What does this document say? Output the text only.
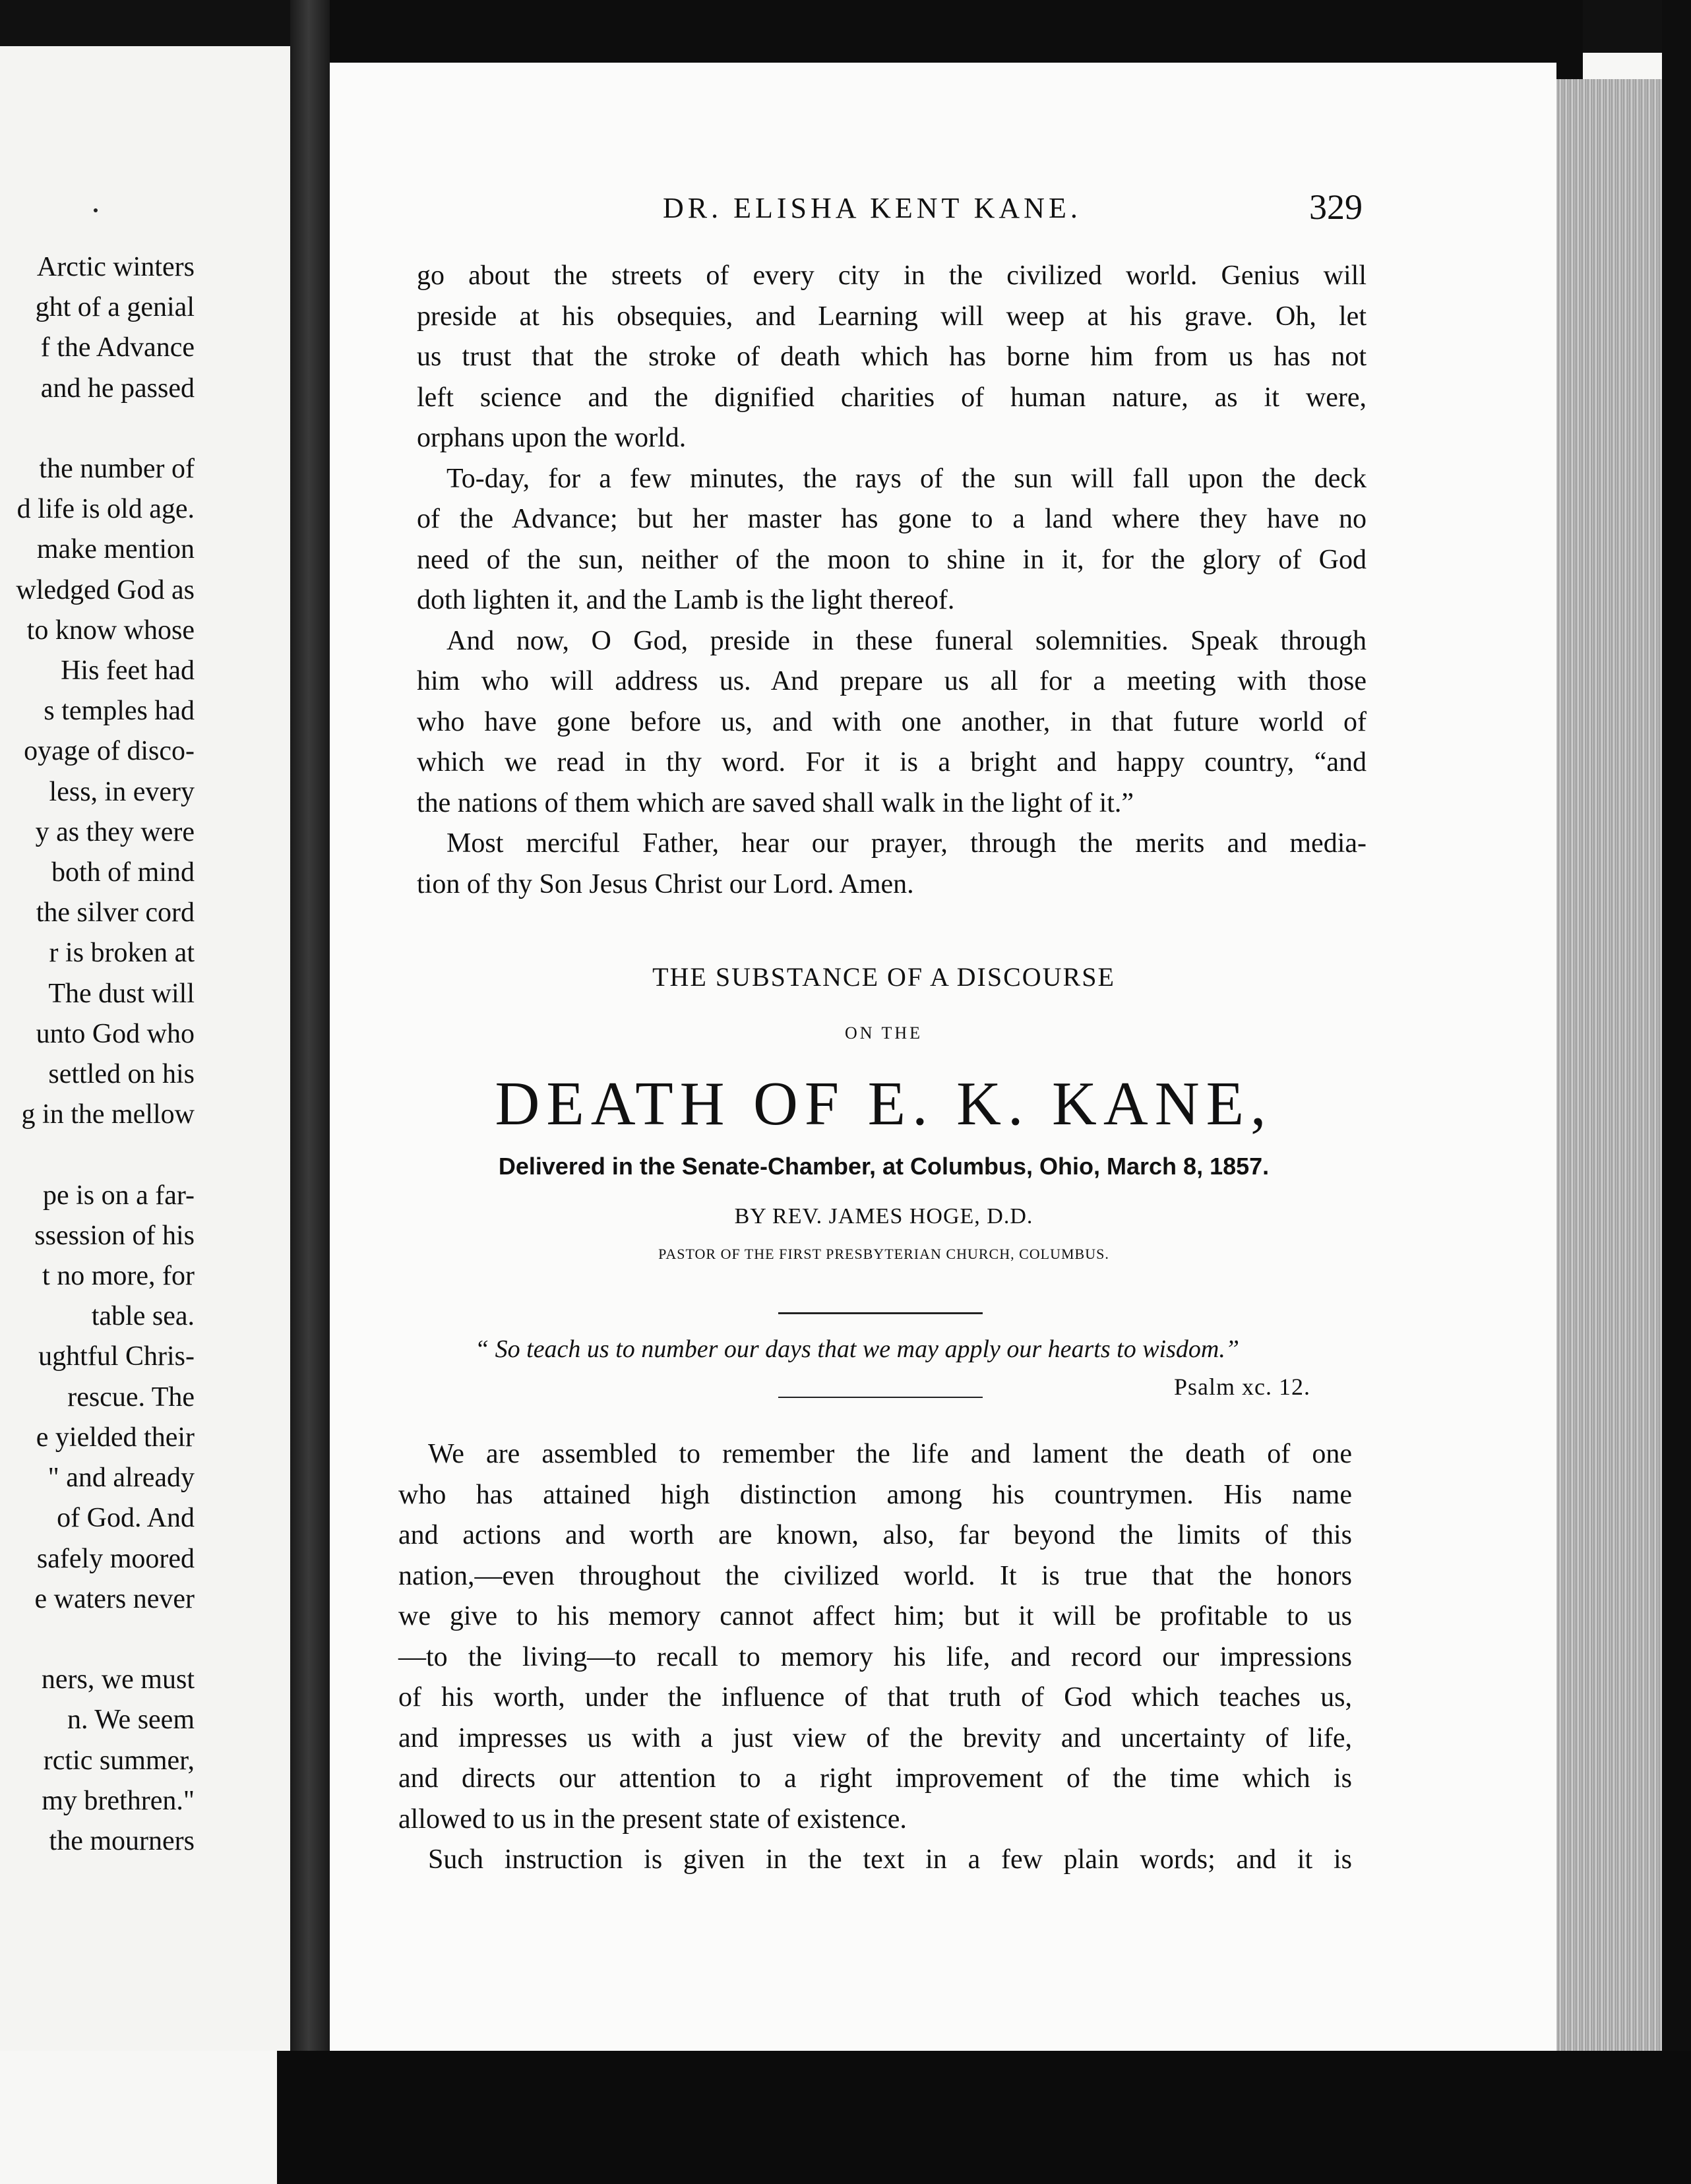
Arctic winters
ght of a genial
f the Advance
and he passed

the number of
d life is old age.
make mention
wledged God as
to know whose
His feet had
s temples had
oyage of disco-
less, in every
y as they were
both of mind
the silver cord
r is broken at
The dust will
unto God who
settled on his
g in the mellow

pe is on a far-
ssession of his
t no more, for
table sea.
ughtful Chris-
rescue. The
e yielded their
" and already
of God. And
safely moored
e waters never

ners, we must
n. We seem
rctic summer,
my brethren."
the mourners
DR. ELISHA KENT KANE.	329
go about the streets of every city in the civilized world. Genius will
preside at his obsequies, and Learning will weep at his grave. Oh, let
us trust that the stroke of death which has borne him from us has not
left science and the dignified charities of human nature, as it were,
orphans upon the world.
To-day, for a few minutes, the rays of the sun will fall upon the deck
of the Advance; but her master has gone to a land where they have no
need of the sun, neither of the moon to shine in it, for the glory of God
doth lighten it, and the Lamb is the light thereof.
And now, O God, preside in these funeral solemnities. Speak through
him who will address us. And prepare us all for a meeting with those
who have gone before us, and with one another, in that future world of
which we read in thy word. For it is a bright and happy country, “and
the nations of them which are saved shall walk in the light of it.”
Most merciful Father, hear our prayer, through the merits and media-
tion of thy Son Jesus Christ our Lord. Amen.
THE SUBSTANCE OF A DISCOURSE
ON THE
DEATH OF E. K. KANE,
Delivered in the Senate-Chamber, at Columbus, Ohio, March 8, 1857.
BY REV. JAMES HOGE, D.D.
PASTOR OF THE FIRST PRESBYTERIAN CHURCH, COLUMBUS.
“ So teach us to number our days that we may apply our hearts to wisdom.”
Psalm xc. 12.
We are assembled to remember the life and lament the death of one
who has attained high distinction among his countrymen. His name
and actions and worth are known, also, far beyond the limits of this
nation,—even throughout the civilized world. It is true that the honors
we give to his memory cannot affect him; but it will be profitable to us
—to the living—to recall to memory his life, and record our impressions
of his worth, under the influence of that truth of God which teaches us,
and impresses us with a just view of the brevity and uncertainty of life,
and directs our attention to a right improvement of the time which is
allowed to us in the present state of existence.
Such instruction is given in the text in a few plain words; and it is
